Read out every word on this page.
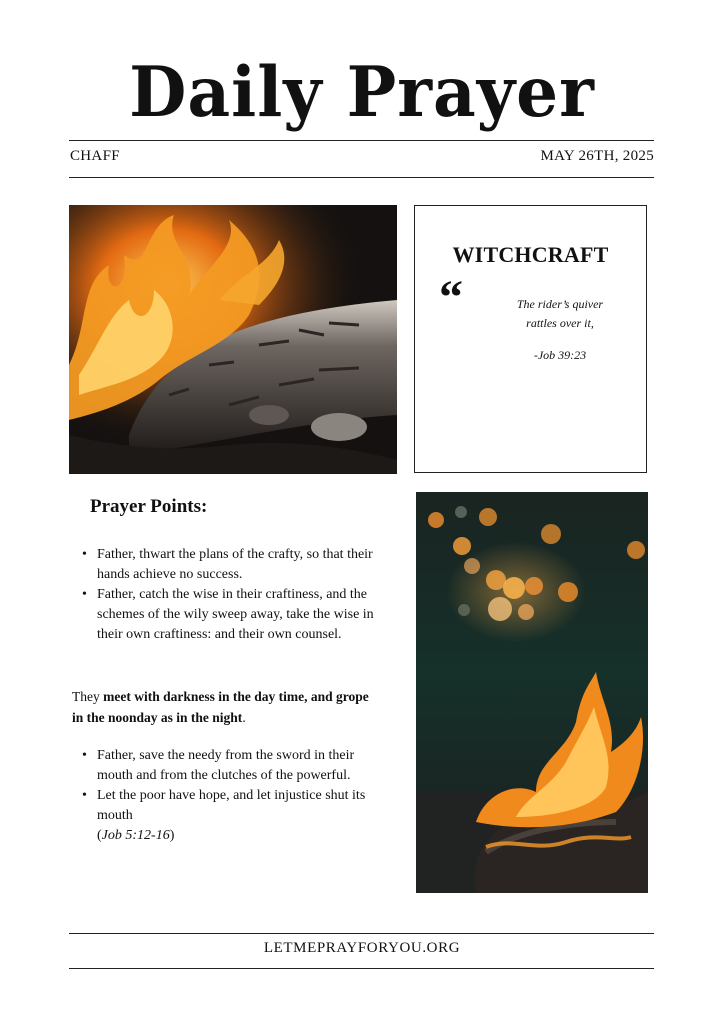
Daily Prayer
CHAFF	MAY 26TH, 2025
WITCHCRAFT
“	The rider’s quiver
rattles over it,
-Job 39:23
Prayer Points:
• Father, thwart the plans of the crafty, so that their hands achieve no success.
• Father, catch the wise in their craftiness, and the schemes of the wily sweep away, take the wise in their own craftiness: and their own counsel.
They meet with darkness in the day time, and grope in the noonday as in the night.
• Father, save the needy from the sword in their mouth and from the clutches of the powerful.
• Let the poor have hope, and let injustice shut its mouth
(Job 5:12-16)
LETMEPRAYFORYOU.ORG
